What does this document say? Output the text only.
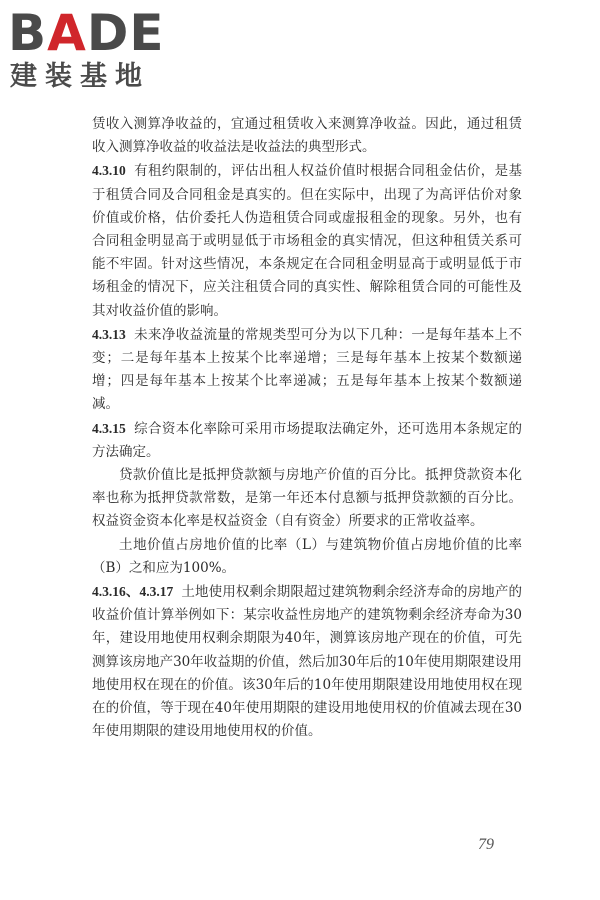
BADE
建装基地

赁收入测算净收益的，宜通过租赁收入来测算净收益。因此，通过租赁收入测算净收益的收益法是收益法的典型形式。

4.3.10 有租约限制的，评估出租人权益价值时根据合同租金估价，是基于租赁合同及合同租金是真实的。但在实际中，出现了为高评估价对象价值或价格，估价委托人伪造租赁合同或虚报租金的现象。另外，也有合同租金明显高于或明显低于市场租金的真实情况，但这种租赁关系可能不牢固。针对这些情况，本条规定在合同租金明显高于或明显低于市场租金的情况下，应关注租赁合同的真实性、解除租赁合同的可能性及其对收益价值的影响。

4.3.13 未来净收益流量的常规类型可分为以下几种：一是每年基本上不变；二是每年基本上按某个比率递增；三是每年基本上按某个数额递增；四是每年基本上按某个比率递减；五是每年基本上按某个数额递减。

4.3.15 综合资本化率除可采用市场提取法确定外，还可选用本条规定的方法确定。

贷款价值比是抵押贷款额与房地产价值的百分比。抵押贷款资本化率也称为抵押贷款常数，是第一年还本付息额与抵押贷款额的百分比。权益资金资本化率是权益资金（自有资金）所要求的正常收益率。

土地价值占房地价值的比率（L）与建筑物价值占房地价值的比率（B）之和应为100%。

4.3.16、4.3.17 土地使用权剩余期限超过建筑物剩余经济寿命的房地产的收益价值计算举例如下：某宗收益性房地产的建筑物剩余经济寿命为30年，建设用地使用权剩余期限为40年，测算该房地产现在的价值，可先测算该房地产30年收益期的价值，然后加30年后的10年使用期限建设用地使用权在现在的价值。该30年后的10年使用期限建设用地使用权在现在的价值，等于现在40年使用期限的建设用地使用权的价值减去现在30年使用期限的建设用地使用权的价值。

79
